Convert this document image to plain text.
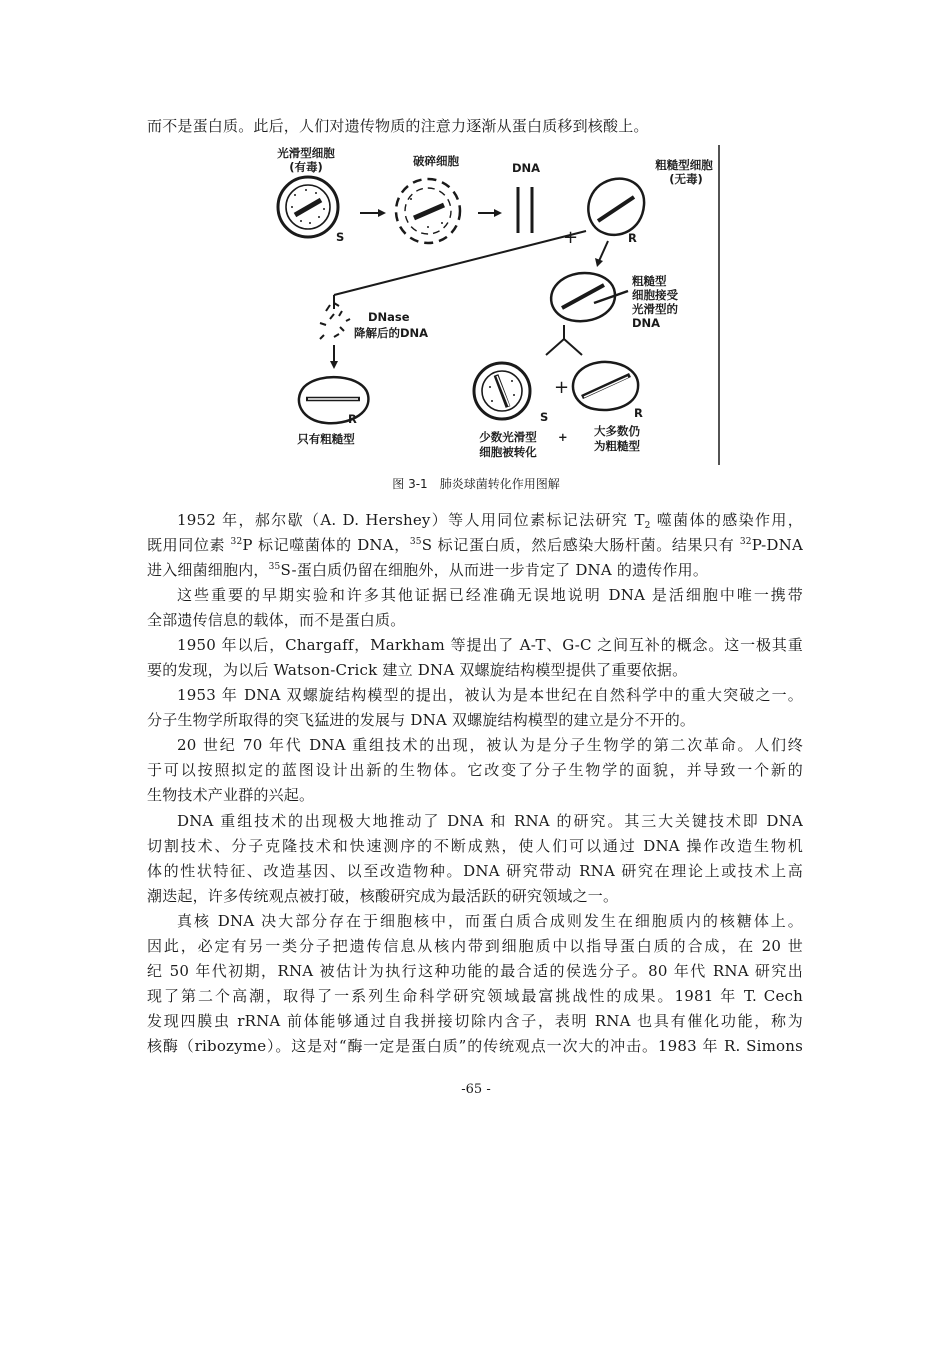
而不是蛋白质。此后，人们对遗传物质的注意力逐渐从蛋白质移到核酸上。
光滑型细胞
(有毒)
S
破碎细胞	DNA
+
粗糙型细胞
(无毒)
R
粗糙型
细胞接受
光滑型的
DNA
DNase
降解后的DNA
R
只有粗糙型
S
+
R
少数光滑型
细胞被转化
+ 大多数仍
为粗糙型
图 3-1　肺炎球菌转化作用图解
1952 年，郝尔歇（A. D. Hershey）等人用同位素标记法研究 $T_2$ 噬菌体的感染作用，
既用同位素 $^{32}$P 标记噬菌体的 DNA，$^{35}$S 标记蛋白质，然后感染大肠杆菌。结果只有 $^{32}$P-DNA
进入细菌细胞内，$^{35}$S-蛋白质仍留在细胞外，从而进一步肯定了 DNA 的遗传作用。
这些重要的早期实验和许多其他证据已经准确无误地说明 DNA 是活细胞中唯一携带
全部遗传信息的载体，而不是蛋白质。
1950 年以后，Chargaff，Markham 等提出了 A-T、G-C 之间互补的概念。这一极其重
要的发现，为以后 Watson-Crick 建立 DNA 双螺旋结构模型提供了重要依据。
1953 年 DNA 双螺旋结构模型的提出，被认为是本世纪在自然科学中的重大突破之一。
分子生物学所取得的突飞猛进的发展与 DNA 双螺旋结构模型的建立是分不开的。
20 世纪 70 年代 DNA 重组技术的出现，被认为是分子生物学的第二次革命。人们终
于可以按照拟定的蓝图设计出新的生物体。它改变了分子生物学的面貌，并导致一个新的
生物技术产业群的兴起。
DNA 重组技术的出现极大地推动了 DNA 和 RNA 的研究。其三大关键技术即 DNA
切割技术、分子克隆技术和快速测序的不断成熟，使人们可以通过 DNA 操作改造生物机
体的性状特征、改造基因、以至改造物种。DNA 研究带动 RNA 研究在理论上或技术上高
潮迭起，许多传统观点被打破，核酸研究成为最活跃的研究领域之一。
真核 DNA 决大部分存在于细胞核中，而蛋白质合成则发生在细胞质内的核糖体上。
因此，必定有另一类分子把遗传信息从核内带到细胞质中以指导蛋白质的合成，在 20 世
纪 50 年代初期，RNA 被估计为执行这种功能的最合适的侯选分子。80 年代 RNA 研究出
现了第二个高潮，取得了一系列生命科学研究领域最富挑战性的成果。1981 年 T. Cech
发现四膜虫 rRNA 前体能够通过自我拼接切除内含子，表明 RNA 也具有催化功能，称为
核酶（ribozyme）。这是对“酶一定是蛋白质”的传统观点一次大的冲击。1983 年 R. Simons
-65 -
